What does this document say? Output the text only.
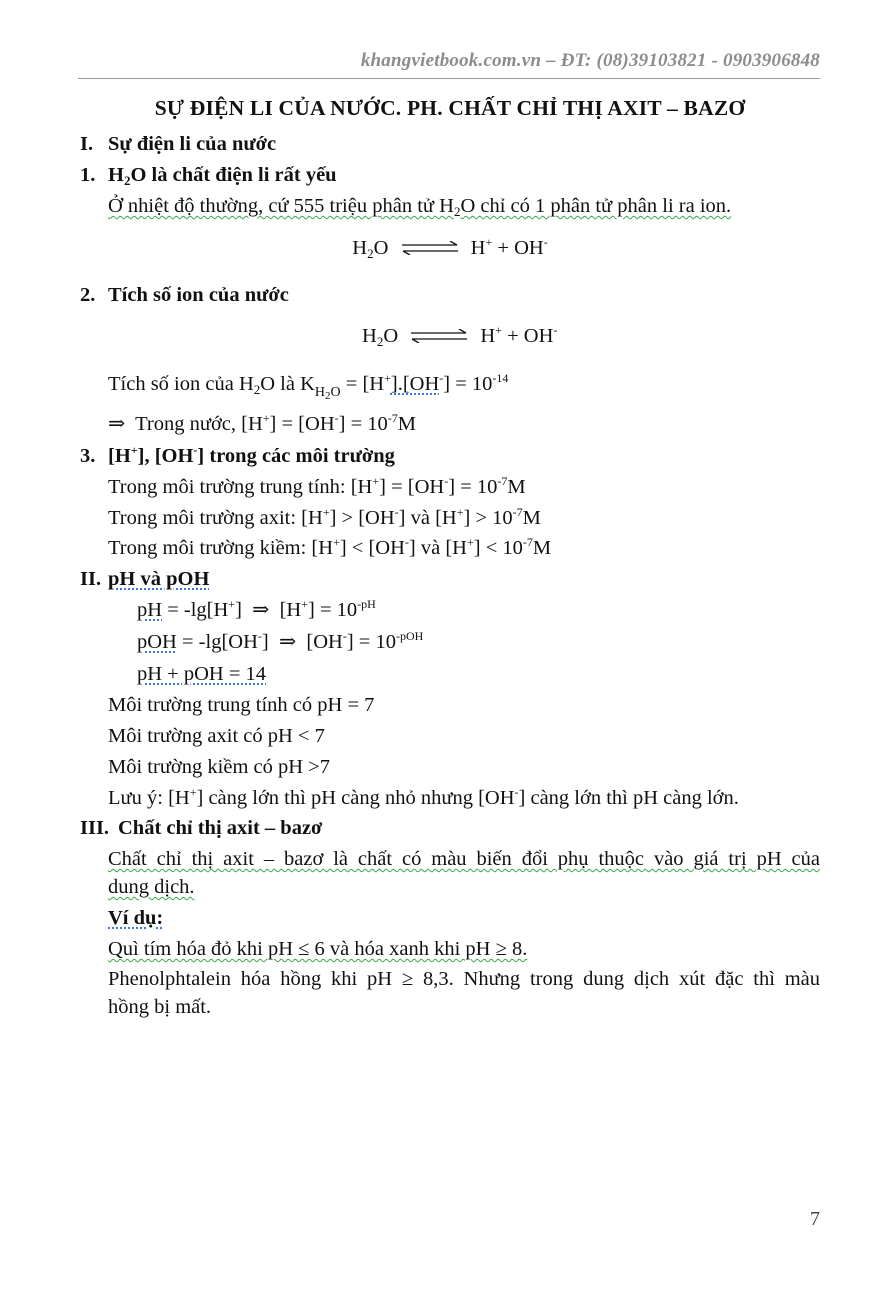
khangvietbook.com.vn – ĐT: (08)39103821 - 0903906848
SỰ ĐIỆN LI CỦA NƯỚC. PH. CHẤT CHỈ THỊ AXIT – BAZƠ
I. Sự điện li của nước
1. $H_2O$ là chất điện li rất yếu
Ở nhiệt độ thường, cứ 555 triệu phân tử $H_2O$ chỉ có 1 phân tử phân li ra ion.
$H_2O$ ⇌ H+ + OH-
2. Tích số ion của nước
$H_2O$ ⇌ H+ + OH-
Tích số ion của $H_2O$ là $K_{H_2O} = [H^+].[OH^-] = 10^{-14}$
⇒ Trong nước, $[H^+] = [OH^-] = 10^{-7}M$
3. [H+], [OH-] trong các môi trường
Trong môi trường trung tính: $[H^+] = [OH^-] = 10^{-7}M$
Trong môi trường axit: [H+] > [OH-] và $[H^+] > 10^{-7}M$
Trong môi trường kiềm: [H+] < [OH-] và $[H^+] < 10^{-7}M$
II. pH và pOH
pH = -lg[H+] ⇒ $[H^+] = 10^{-pH}$
pOH = -lg[OH-] ⇒ $[OH^-] = 10^{-pOH}$
pH + pOH = 14
Môi trường trung tính có pH = 7
Môi trường axit có pH < 7
Môi trường kiềm có pH >7
Lưu ý: [H+] càng lớn thì pH càng nhỏ nhưng [OH-] càng lớn thì pH càng lớn.
III. Chất chỉ thị axit – bazơ
Chất chỉ thị axit – bazơ là chất có màu biến đổi phụ thuộc vào giá trị pH của
dung dịch.
Ví dụ:
Quì tím hóa đỏ khi pH ≤ 6 và hóa xanh khi pH ≥ 8.
Phenolphtalein hóa hồng khi pH ≥ 8,3. Nhưng trong dung dịch xút đặc thì màu
hồng bị mất.
7
